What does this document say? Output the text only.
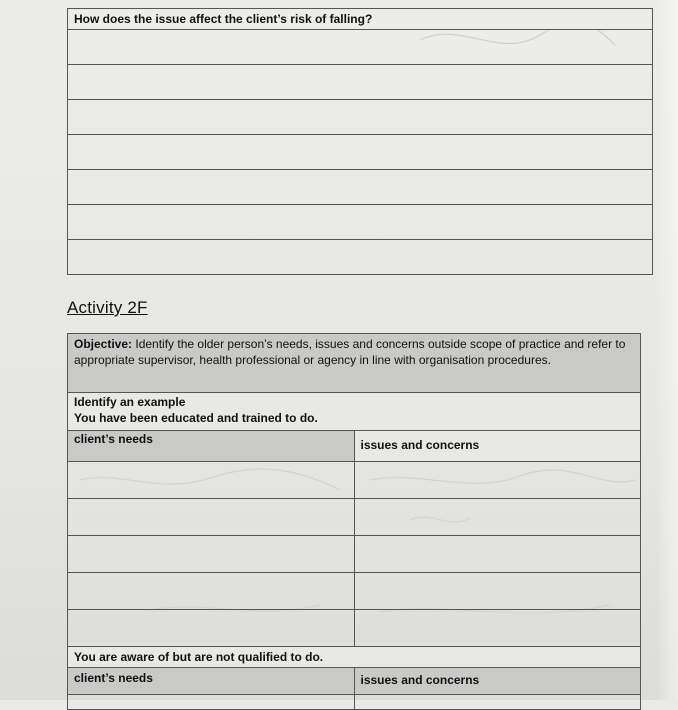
How does the issue affect the client’s risk of falling?

Activity 2F
Objective: Identify the older person’s needs, issues and concerns outside scope of practice and refer to appropriate supervisor, health professional or agency in line with organisation procedures.	

Identify an example
You have been educated and trained to do.	

client’s needs	issues and concerns

You are aware of but are not qualified to do.	
client’s needs	issues and concerns
